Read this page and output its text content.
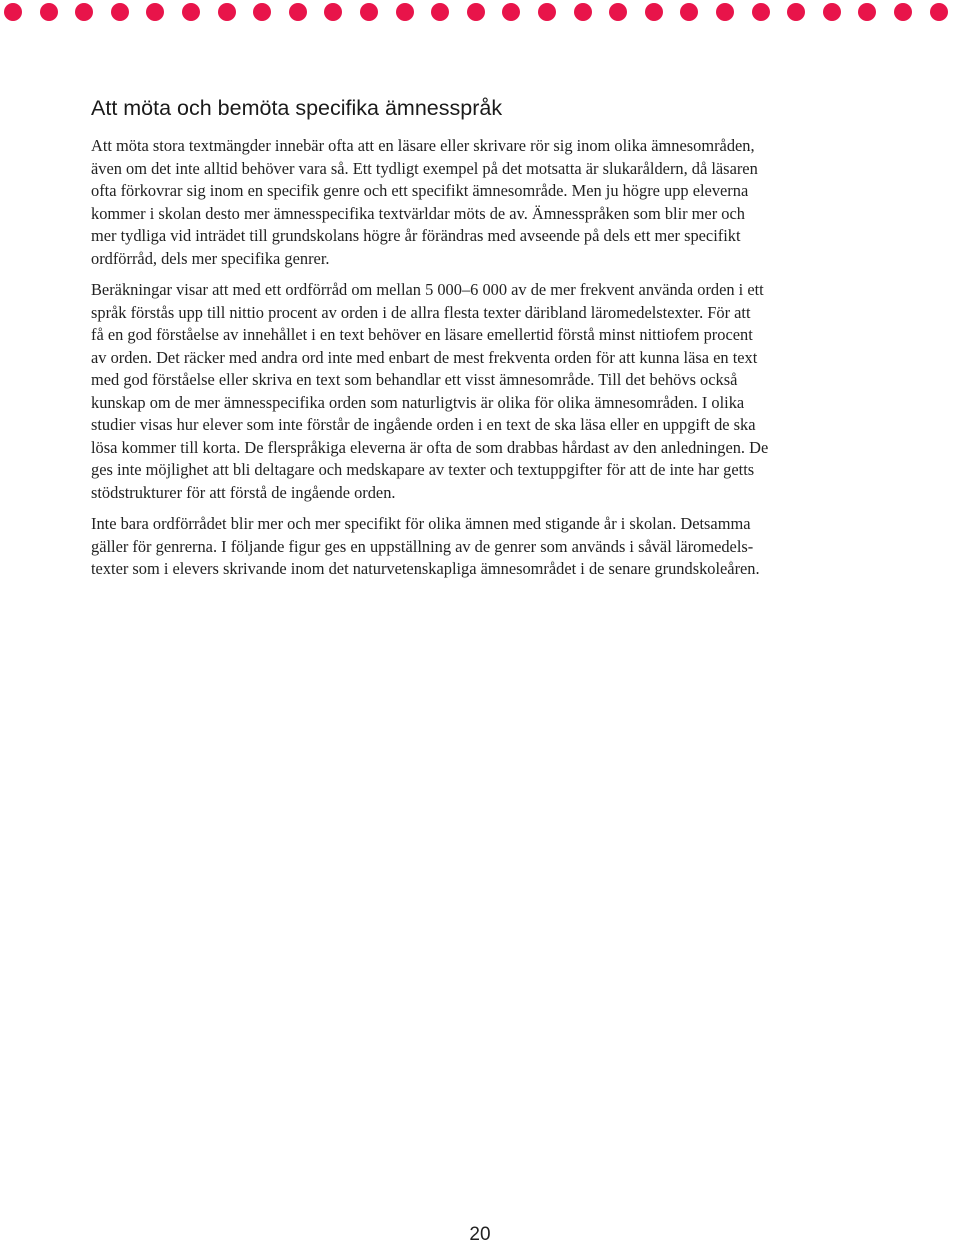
Att möta och bemöta specifika ämnesspråk

Att möta stora textmängder innebär ofta att en läsare eller skrivare rör sig inom olika ämnesområden,
även om det inte alltid behöver vara så. Ett tydligt exempel på det motsatta är slukaråldern, då läsaren
ofta förkovrar sig inom en specifik genre och ett specifikt ämnesområde. Men ju högre upp eleverna
kommer i skolan desto mer ämnesspecifika textvärldar möts de av. Ämnesspråken som blir mer och
mer tydliga vid inträdet till grundskolans högre år förändras med avseende på dels ett mer specifikt
ordförråd, dels mer specifika genrer.

Beräkningar visar att med ett ordförråd om mellan 5 000–6 000 av de mer frekvent använda orden i ett
språk förstås upp till nittio procent av orden i de allra flesta texter däribland läromedelstexter. För att
få en god förståelse av innehållet i en text behöver en läsare emellertid förstå minst nittiofem procent
av orden. Det räcker med andra ord inte med enbart de mest frekventa orden för att kunna läsa en text
med god förståelse eller skriva en text som behandlar ett visst ämnesområde. Till det behövs också
kunskap om de mer ämnesspecifika orden som naturligtvis är olika för olika ämnesområden. I olika
studier visas hur elever som inte förstår de ingående orden i en text de ska läsa eller en uppgift de ska
lösa kommer till korta. De flerspråkiga eleverna är ofta de som drabbas hårdast av den anledningen. De
ges inte möjlighet att bli deltagare och medskapare av texter och textuppgifter för att de inte har getts
stödstrukturer för att förstå de ingående orden.

Inte bara ordförrådet blir mer och mer specifikt för olika ämnen med stigande år i skolan. Detsamma
gäller för genrerna. I följande figur ges en uppställning av de genrer som används i såväl läromedels-
texter som i elevers skrivande inom det naturvetenskapliga ämnesområdet i de senare grundskoleåren.

20
